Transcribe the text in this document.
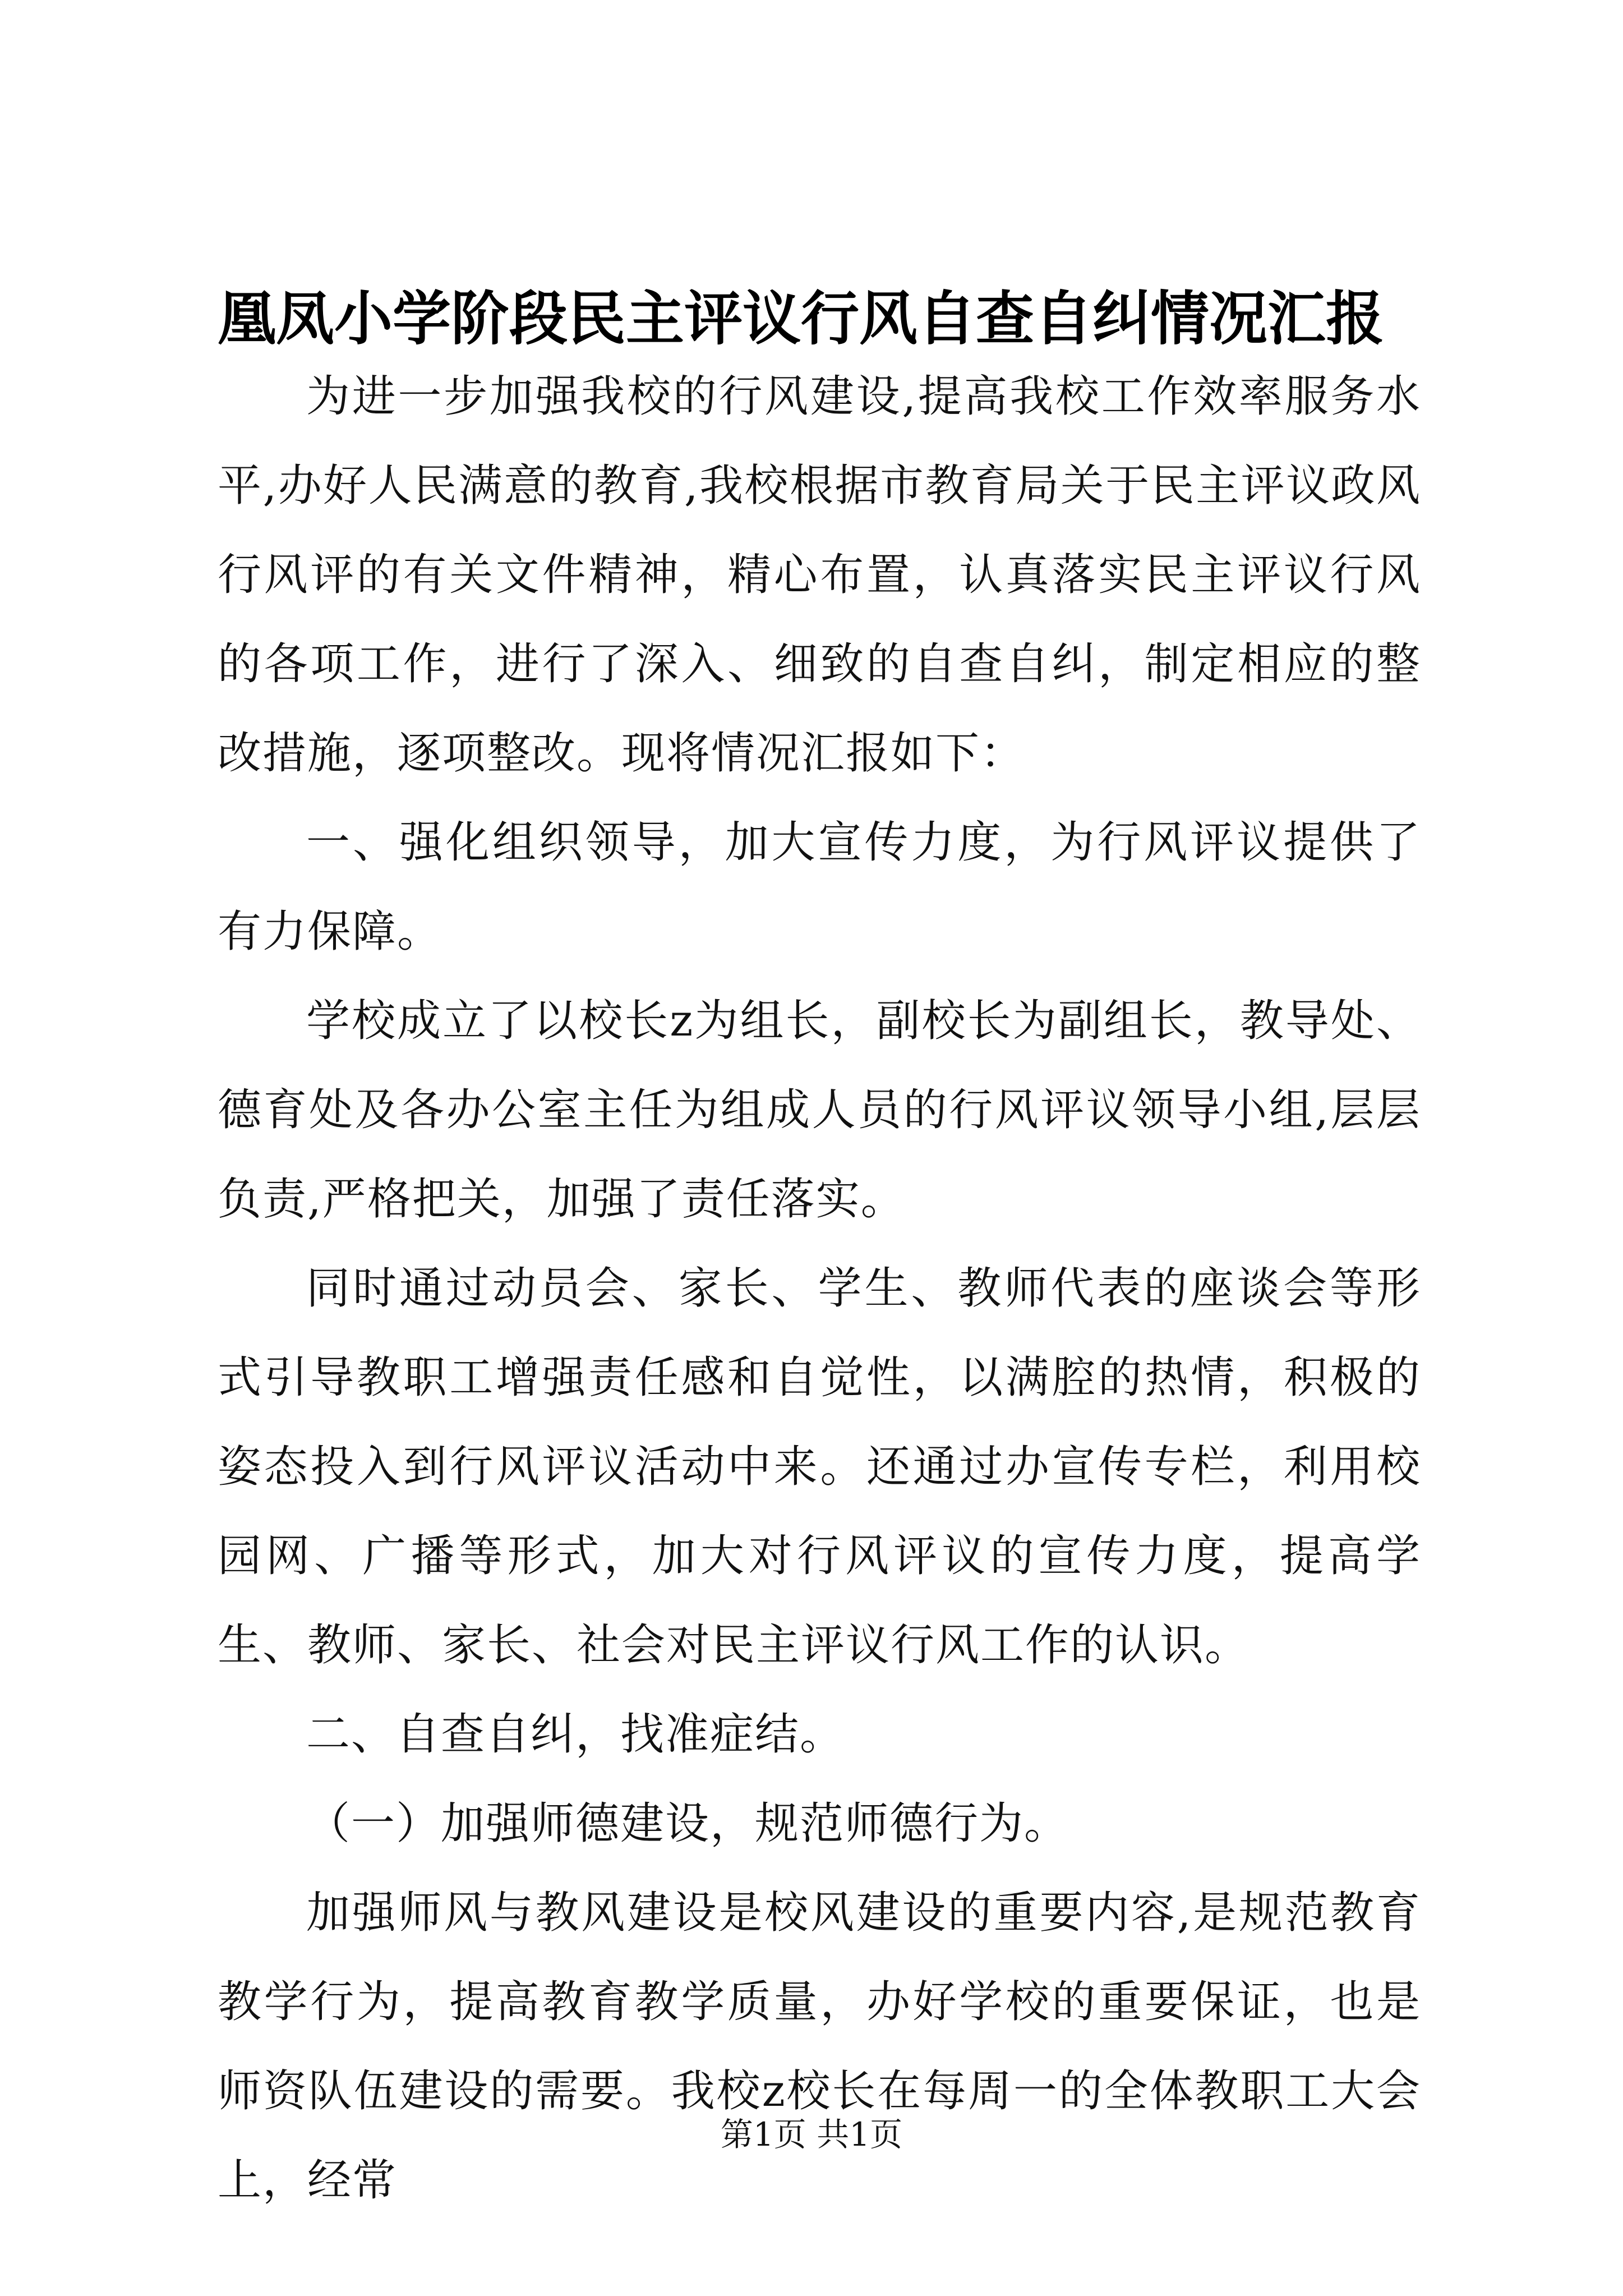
凰凤小学阶段民主评议行风自查自纠情况汇报

为进一步加强我校的行风建设,提高我校工作效率服务水平,办好人民满意的教育,我校根据市教育局关于民主评议政风行风评的有关文件精神，精心布置，认真落实民主评议行风的各项工作，进行了深入、细致的自查自纠，制定相应的整改措施，逐项整改。现将情况汇报如下：

一、强化组织领导，加大宣传力度，为行风评议提供了有力保障。

学校成立了以校长z为组长，副校长为副组长，教导处、德育处及各办公室主任为组成人员的行风评议领导小组,层层负责,严格把关，加强了责任落实。

同时通过动员会、家长、学生、教师代表的座谈会等形式引导教职工增强责任感和自觉性，以满腔的热情，积极的姿态投入到行风评议活动中来。还通过办宣传专栏，利用校园网、广播等形式，加大对行风评议的宣传力度，提高学生、教师、家长、社会对民主评议行风工作的认识。

二、自查自纠，找准症结。

（一）加强师德建设，规范师德行为。

加强师风与教风建设是校风建设的重要内容,是规范教育教学行为，提高教育教学质量，办好学校的重要保证，也是师资队伍建设的需要。我校z校长在每周一的全体教职工大会上，经常

第1页 共1页
